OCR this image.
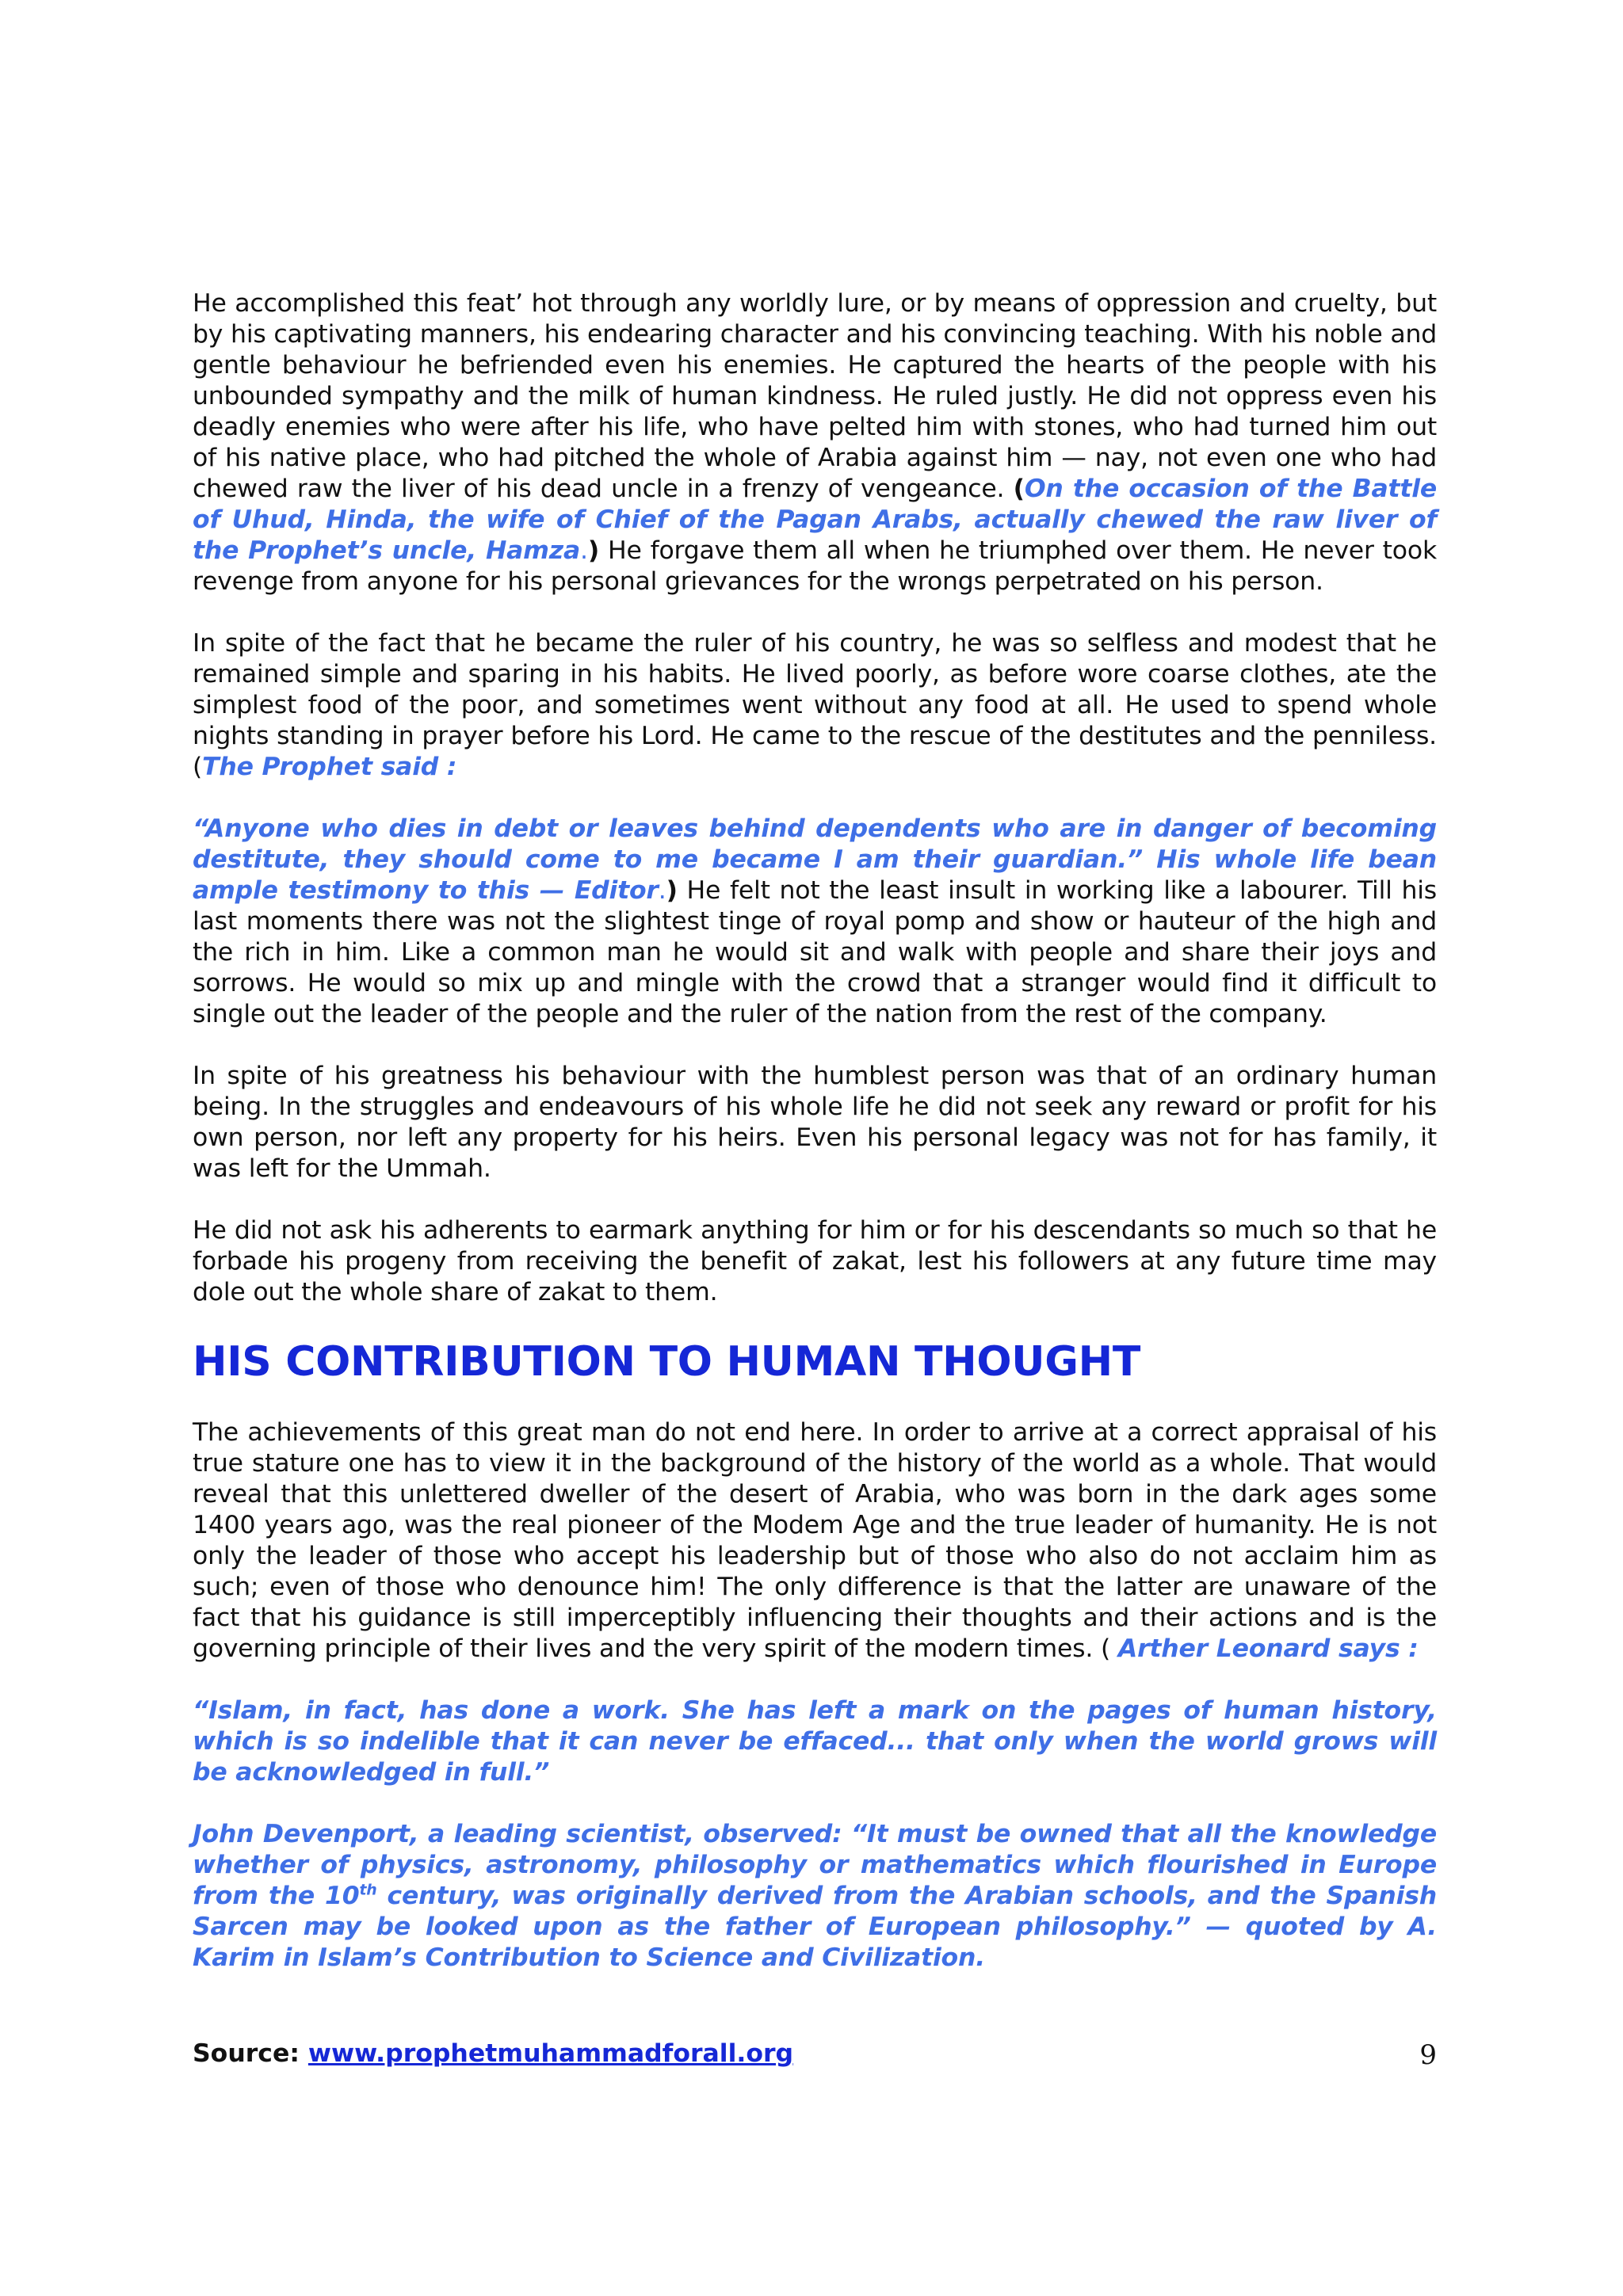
He accomplished this feat’ hot through any worldly lure, or by means of oppression and cruelty, but by his captivating manners, his endearing character and his convincing teaching. With his noble and gentle behaviour he befriended even his enemies. He captured the hearts of the people with his unbounded sympathy and the milk of human kindness. He ruled justly. He did not oppress even his deadly enemies who were after his life, who have pelted him with stones, who had turned him out of his native place, who had pitched the whole of Arabia against him — nay, not even one who had chewed raw the liver of his dead uncle in a frenzy of vengeance. (On the occasion of the Battle of Uhud, Hinda, the wife of Chief of the Pagan Arabs, actually chewed the raw liver of the Prophet’s uncle, Hamza.) He forgave them all when he triumphed over them. He never took revenge from anyone for his personal grievances for the wrongs perpetrated on his person.

In spite of the fact that he became the ruler of his country, he was so selfless and modest that he remained simple and sparing in his habits. He lived poorly, as before wore coarse clothes, ate the simplest food of the poor, and sometimes went without any food at all. He used to spend whole nights standing in prayer before his Lord. He came to the rescue of the destitutes and the penniless. (The Prophet said :

“Anyone who dies in debt or leaves behind dependents who are in danger of becoming destitute, they should come to me became I am their guardian.” His whole life bean ample testimony to this — Editor.) He felt not the least insult in working like a labourer. Till his last moments there was not the slightest tinge of royal pomp and show or hauteur of the high and the rich in him. Like a common man he would sit and walk with people and share their joys and sorrows. He would so mix up and mingle with the crowd that a stranger would find it difficult to single out the leader of the people and the ruler of the nation from the rest of the company.

In spite of his greatness his behaviour with the humblest person was that of an ordinary human being. In the struggles and endeavours of his whole life he did not seek any reward or profit for his own person, nor left any property for his heirs. Even his personal legacy was not for has family, it was left for the Ummah.

He did not ask his adherents to earmark anything for him or for his descendants so much so that he forbade his progeny from receiving the benefit of zakat, lest his followers at any future time may dole out the whole share of zakat to them.

HIS CONTRIBUTION TO HUMAN THOUGHT

The achievements of this great man do not end here. In order to arrive at a correct appraisal of his true stature one has to view it in the background of the history of the world as a whole. That would reveal that this unlettered dweller of the desert of Arabia, who was born in the dark ages some 1400 years ago, was the real pioneer of the Modem Age and the true leader of humanity. He is not only the leader of those who accept his leadership but of those who also do not acclaim him as such; even of those who denounce him! The only difference is that the latter are unaware of the fact that his guidance is still imperceptibly influencing their thoughts and their actions and is the governing principle of their lives and the very spirit of the modern times. ( Arther Leonard says :

“Islam, in fact, has done a work. She has left a mark on the pages of human history, which is so indelible that it can never be effaced... that only when the world grows will be acknowledged in full.”

John Devenport, a leading scientist, observed: “It must be owned that all the knowledge whether of physics, astronomy, philosophy or mathematics which flourished in Europe from the 10th century, was originally derived from the Arabian schools, and the Spanish Sarcen may be looked upon as the father of European philosophy.” — quoted by A. Karim in Islam’s Contribution to Science and Civilization.

Source: www.prophetmuhammadforall.org	9
